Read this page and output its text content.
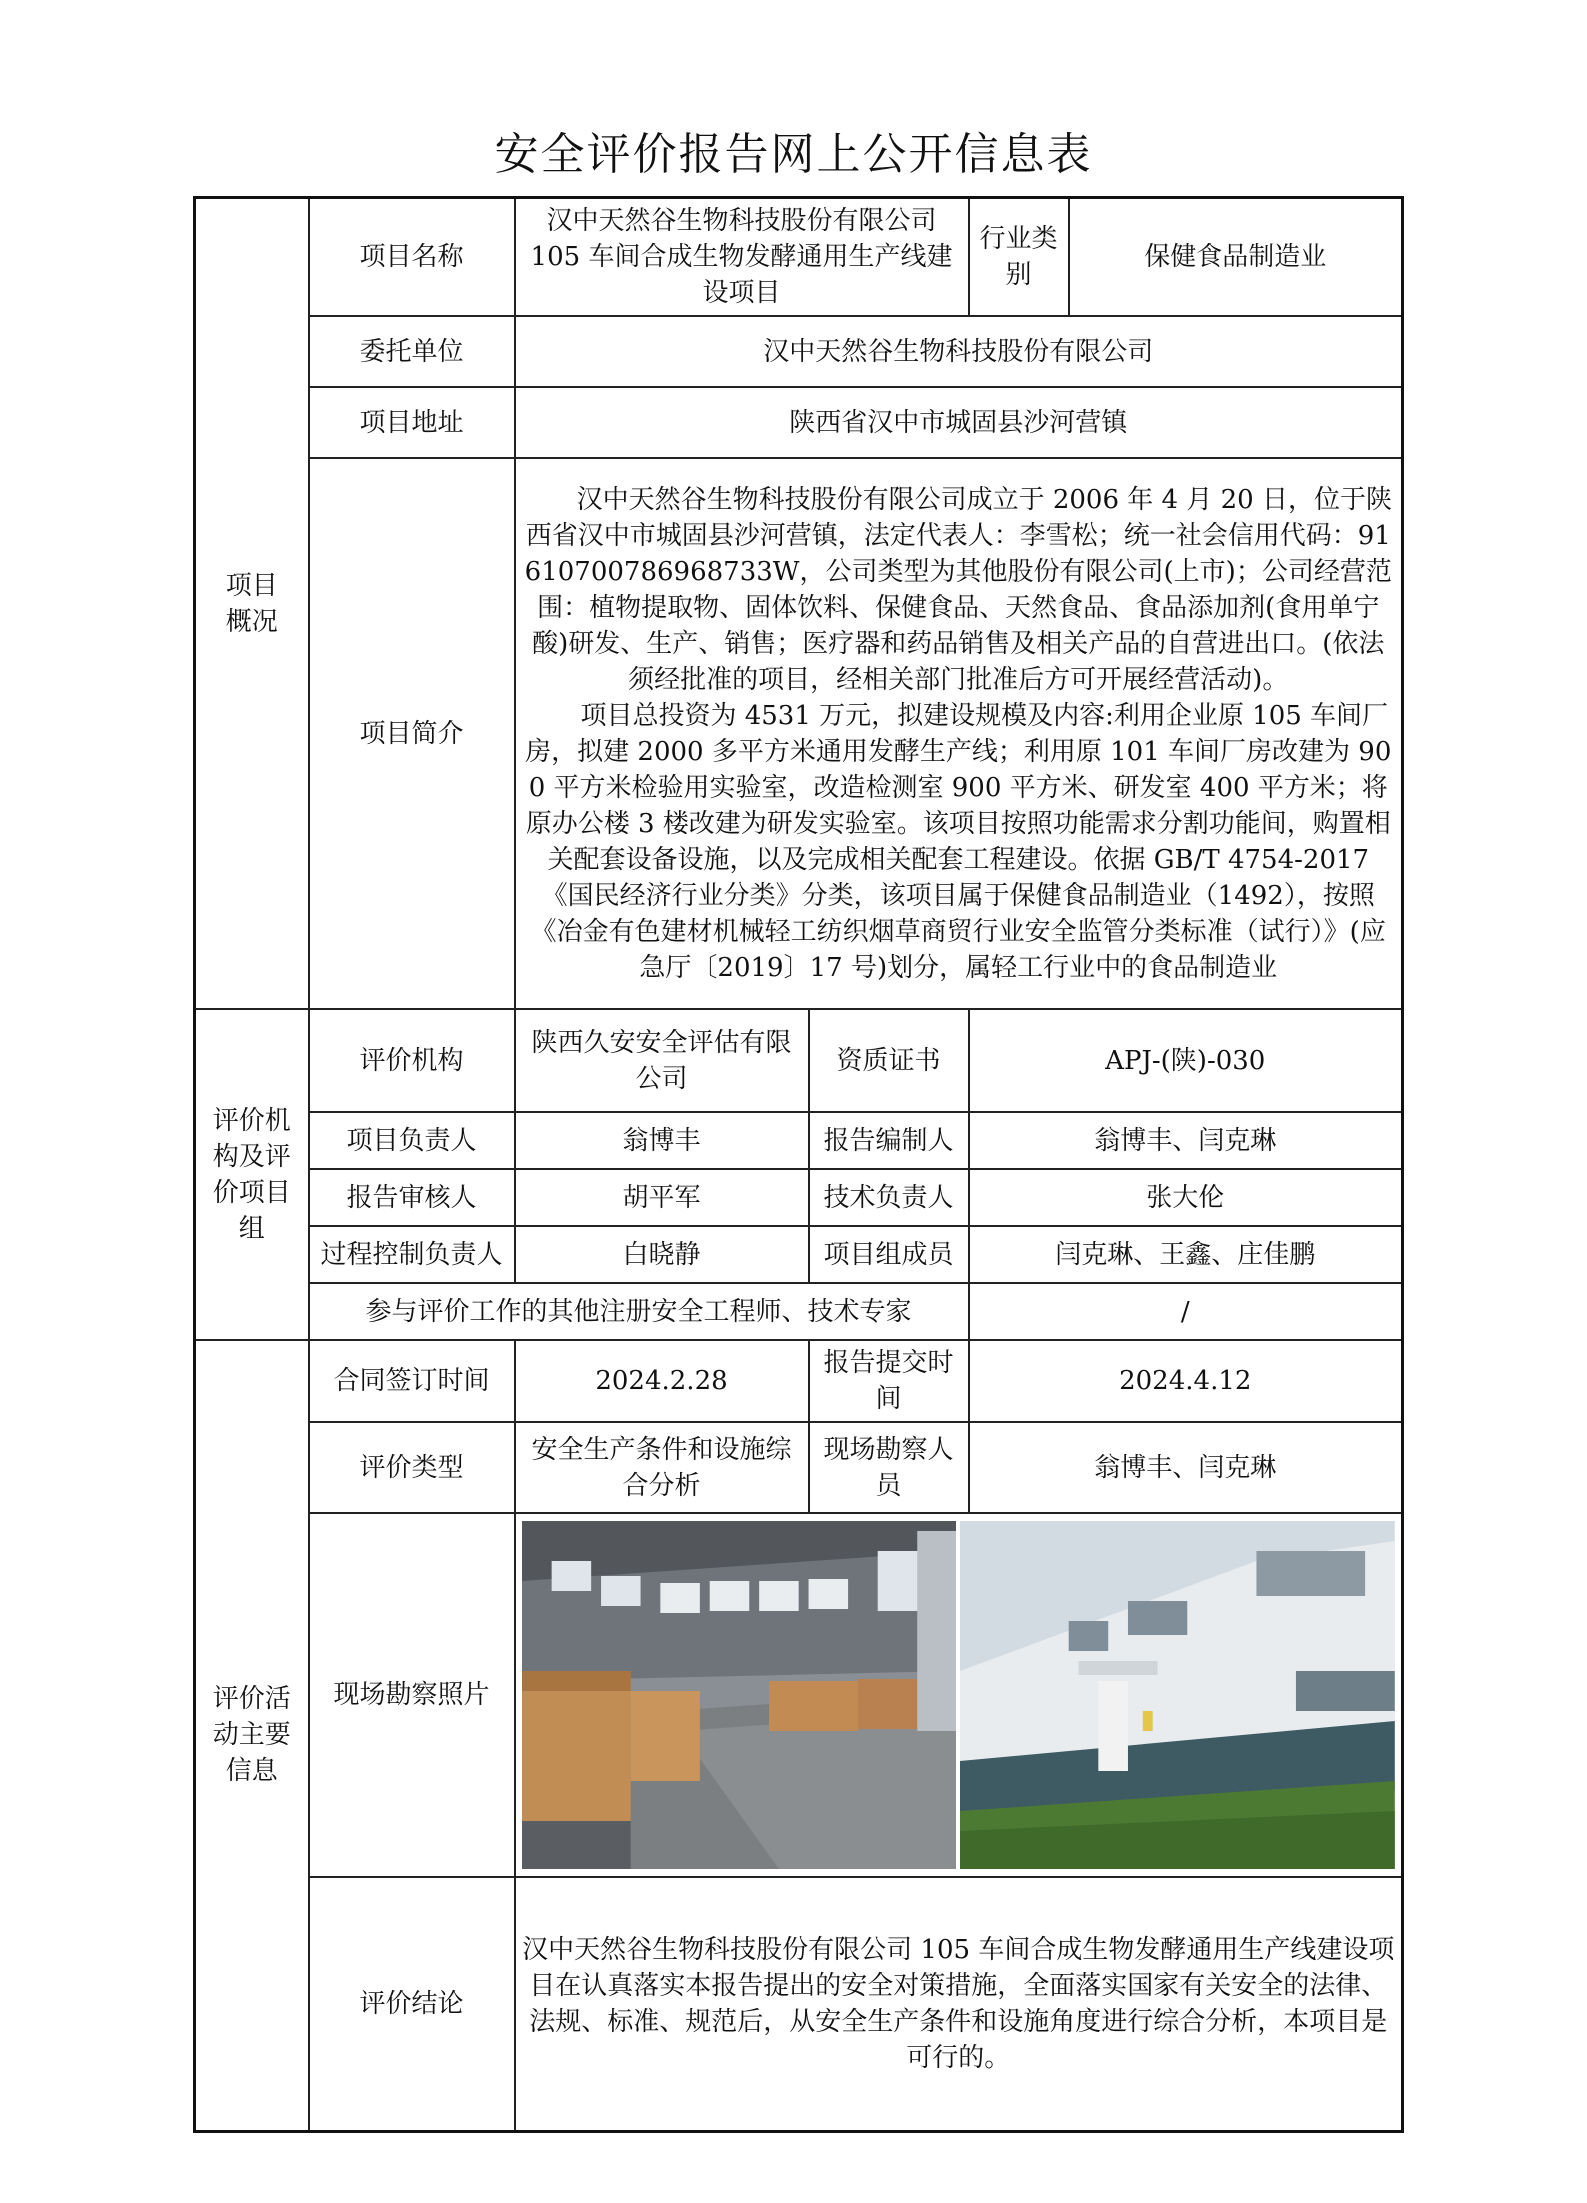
安全评价报告网上公开信息表
项目
概况	项目名称	汉中天然谷生物科技股份有限公司 105 车间合成生物发酵通用生产线建设项目		行业类别	保健食品制造业
	委托单位	汉中天然谷生物科技股份有限公司			
	项目地址	陕西省汉中市城固县沙河营镇			
	项目简介	汉中天然谷生物科技股份有限公司成立于 2006 年 4 月 20 日，位于陕西省汉中市城固县沙河营镇，法定代表人：李雪松；统一社会信用代码：91610700786968733W，公司类型为其他股份有限公司(上市)；公司经营范围：植物提取物、固体饮料、保健食品、天然食品、食品添加剂(食用单宁酸)研发、生产、销售；医疗器和药品销售及相关产品的自营进出口。(依法须经批准的项目，经相关部门批准后方可开展经营活动)。

项目总投资为 4531 万元，拟建设规模及内容:利用企业原 105 车间厂房，拟建 2000 多平方米通用发酵生产线；利用原 101 车间厂房改建为 900 平方米检验用实验室，改造检测室 900 平方米、研发室 400 平方米；将原办公楼 3 楼改建为研发实验室。该项目按照功能需求分割功能间，购置相关配套设备设施，以及完成相关配套工程建设。依据 GB/T 4754-2017《国民经济行业分类》分类，该项目属于保健食品制造业（1492），按照《冶金有色建材机械轻工纺织烟草商贸行业安全监管分类标准（试行）》(应急厅〔2019〕17 号)划分，属轻工行业中的食品制造业			

评价机
构及评
价项目
组	评价机构	陕西久安安全评估有限公司	资质证书	APJ-(陕)-030	
	项目负责人	翁博丰	报告编制人	翁博丰、闫克琳	
	报告审核人	胡平军	技术负责人	张大伦	
	过程控制负责人	白晓静	项目组成员	闫克琳、王鑫、庄佳鹏	
	参与评价工作的其他注册安全工程师、技术专家			/	
评价活
动主要
信息	合同签订时间	2024.2.28	报告提交时间	2024.4.12	
	评价类型	安全生产条件和设施综合分析	现场勘察人员	翁博丰、闫克琳	
	现场勘察照片	

	评价结论	汉中天然谷生物科技股份有限公司 105 车间合成生物发酵通用生产线建设项目在认真落实本报告提出的安全对策措施，全面落实国家有关安全的法律、法规、标准、规范后，从安全生产条件和设施角度进行综合分析，本项目是可行的。			
